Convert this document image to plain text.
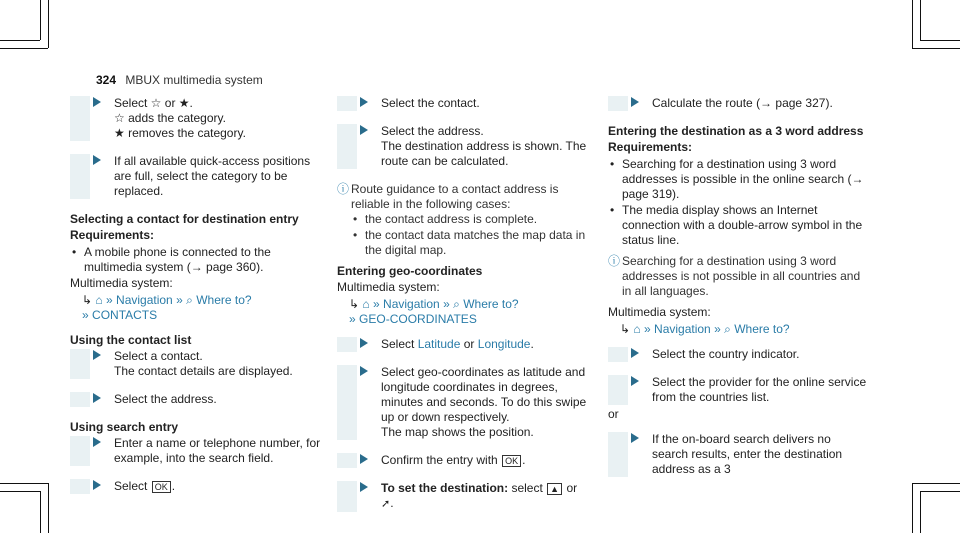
324 MBUX multimedia system

Select ☆ or ★.

☆ adds the category.

★ removes the category.

If all available quick-access positions are full, select the category to be replaced.

Selecting a contact for destination entry
Requirements:
• A mobile phone is connected to the multimedia system (→ page 360).
Multimedia system:
↳ ⌂ » Navigation » ⌕ Where to?
» CONTACTS
Using the contact list

Select a contact.

The contact details are displayed.

Select the address.

Using search entry

Enter a name or telephone number, for example, into the search field.

Select OK .

Select the contact.

Select the address.

The destination address is shown. The route can be calculated.

ⓘ Route guidance to a contact address is reliable in the following cases:
• the contact address is complete.
• the contact data matches the map data in the digital map.
Entering geo-coordinates
Multimedia system:
↳ ⌂ » Navigation » ⌕ Where to?
» GEO-COORDINATES

Select Latitude or Longitude.

Select geo-coordinates as latitude and longitude coordinates in degrees, minutes and seconds. To do this swipe up or down respectively.

The map shows the position.

Confirm the entry with OK .

To set the destination: select ▲ or

➚.

Calculate the route (→ page 327).

Entering the destination as a 3 word address
Requirements:
• Searching for a destination using 3 word addresses is possible in the online search (→ page 319).
• The media display shows an Internet connection with a double-arrow symbol in the status line.
ⓘ Searching for a destination using 3 word addresses is not possible in all countries and in all languages.
Multimedia system:
↳ ⌂ » Navigation » ⌕ Where to?

Select the country indicator.

Select the provider for the online service from the countries list.

or

If the on-board search delivers no search results, enter the destination address as a 3
